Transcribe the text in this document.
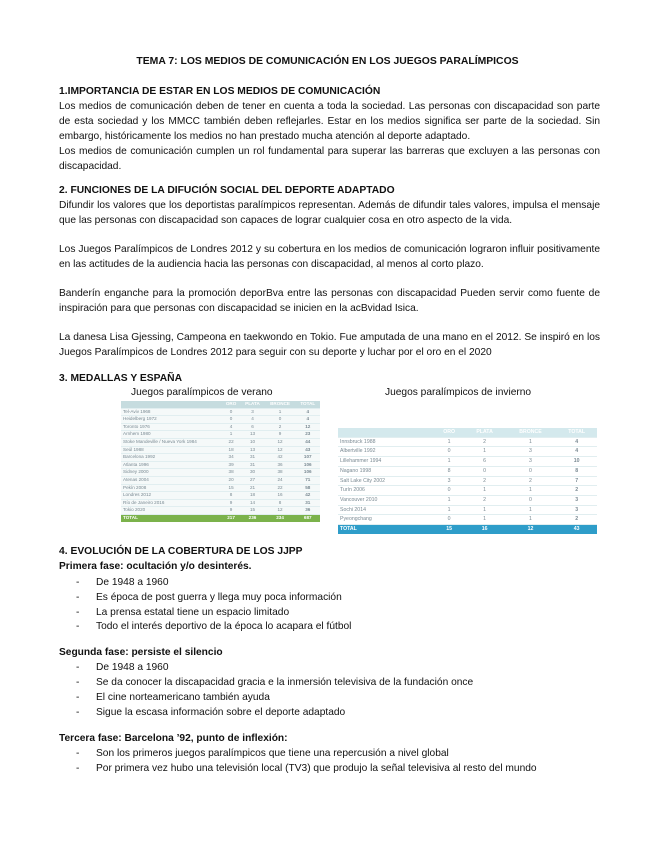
TEMA 7: LOS MEDIOS DE COMUNICACIÓN EN LOS JUEGOS PARALÍMPICOS
1.IMPORTANCIA DE ESTAR EN LOS MEDIOS DE COMUNICACIÓN
Los medios de comunicación deben de tener en cuenta a toda la sociedad. Las personas con discapacidad son parte de esta sociedad y los MMCC también deben reflejarles. Estar en los medios significa ser parte de la sociedad. Sin embargo, históricamente los medios no han prestado mucha atención al deporte adaptado.
Los medios de comunicación cumplen un rol fundamental para superar las barreras que excluyen a las personas con discapacidad.
2. FUNCIONES DE LA DIFUCIÓN SOCIAL DEL DEPORTE ADAPTADO
Difundir los valores que los deportistas paralímpicos representan. Además de difundir tales valores, impulsa el mensaje que las personas con discapacidad son capaces de lograr cualquier cosa en otro aspecto de la vida.
Los Juegos Paralímpicos de Londres 2012 y su cobertura en los medios de comunicación lograron influir positivamente en las actitudes de la audiencia hacia las personas con discapacidad, al menos al corto plazo.
Banderín enganche para la promoción deporBva entre las personas con discapacidad Pueden servir como fuente de inspiración para que personas con discapacidad se inicien en la acBvidad Isica.
La danesa Lisa Gjessing, Campeona en taekwondo en Tokio. Fue amputada de una mano en el 2012. Se inspiró en los Juegos Paralímpicos de Londres 2012 para seguir con su deporte y luchar por el oro en el 2020
3. MEDALLAS Y ESPAÑA
Juegos paralímpicos de verano	Juegos paralímpicos de invierno
	ORO	PLATA	BRONCE	TOTAL
Tel-Aviv 1968	0	3	1	4
Heidelberg 1972	0	4	0	4
Toronto 1976	4	6	2	12
Arnhem 1980	1	13	9	23
Stoke Mandeville / Nueva York 1984	22	10	12	44
Seúl 1988	18	13	12	43
Barcelona 1992	34	31	42	107
Atlanta 1996	39	31	36	106
Sidney 2000	38	30	38	106
Atenas 2004	20	27	24	71
Pekín 2008	15	21	22	58
Londres 2012	8	18	16	42
Río de Janeiro 2016	9	14	8	31
Tokio 2020	9	15	12	36
TOTAL	217	236	234	687
	ORO	PLATA	BRONCE	TOTAL
Innsbruck 1988	1	2	1	4
Albertville 1992	0	1	3	4
Lillehammer 1994	1	6	3	10
Nagano 1998	8	0	0	8
Salt Lake City 2002	3	2	2	7
Turín 2006	0	1	1	2
Vancouver 2010	1	2	0	3
Sochi 2014	1	1	1	3
Pyeongchang	0	1	1	2
TOTAL	15	16	12	43
4. EVOLUCIÓN DE LA COBERTURA DE LOS JJPP
Primera fase: ocultación y/o desinterés.
- De 1948 a 1960
- Es época de post guerra y llega muy poca información
- La prensa estatal tiene un espacio limitado
- Todo el interés deportivo de la época lo acapara el fútbol
Segunda fase: persiste el silencio
- De 1948 a 1960
- Se da conocer la discapacidad gracia e la inmersión televisiva de la fundación once
- El cine norteamericano también ayuda
- Sigue la escasa información sobre el deporte adaptado
Tercera fase: Barcelona ’92, punto de inflexión:
- Son los primeros juegos paralímpicos que tiene una repercusión a nivel global
- Por primera vez hubo una televisión local (TV3) que produjo la señal televisiva al resto del mundo
